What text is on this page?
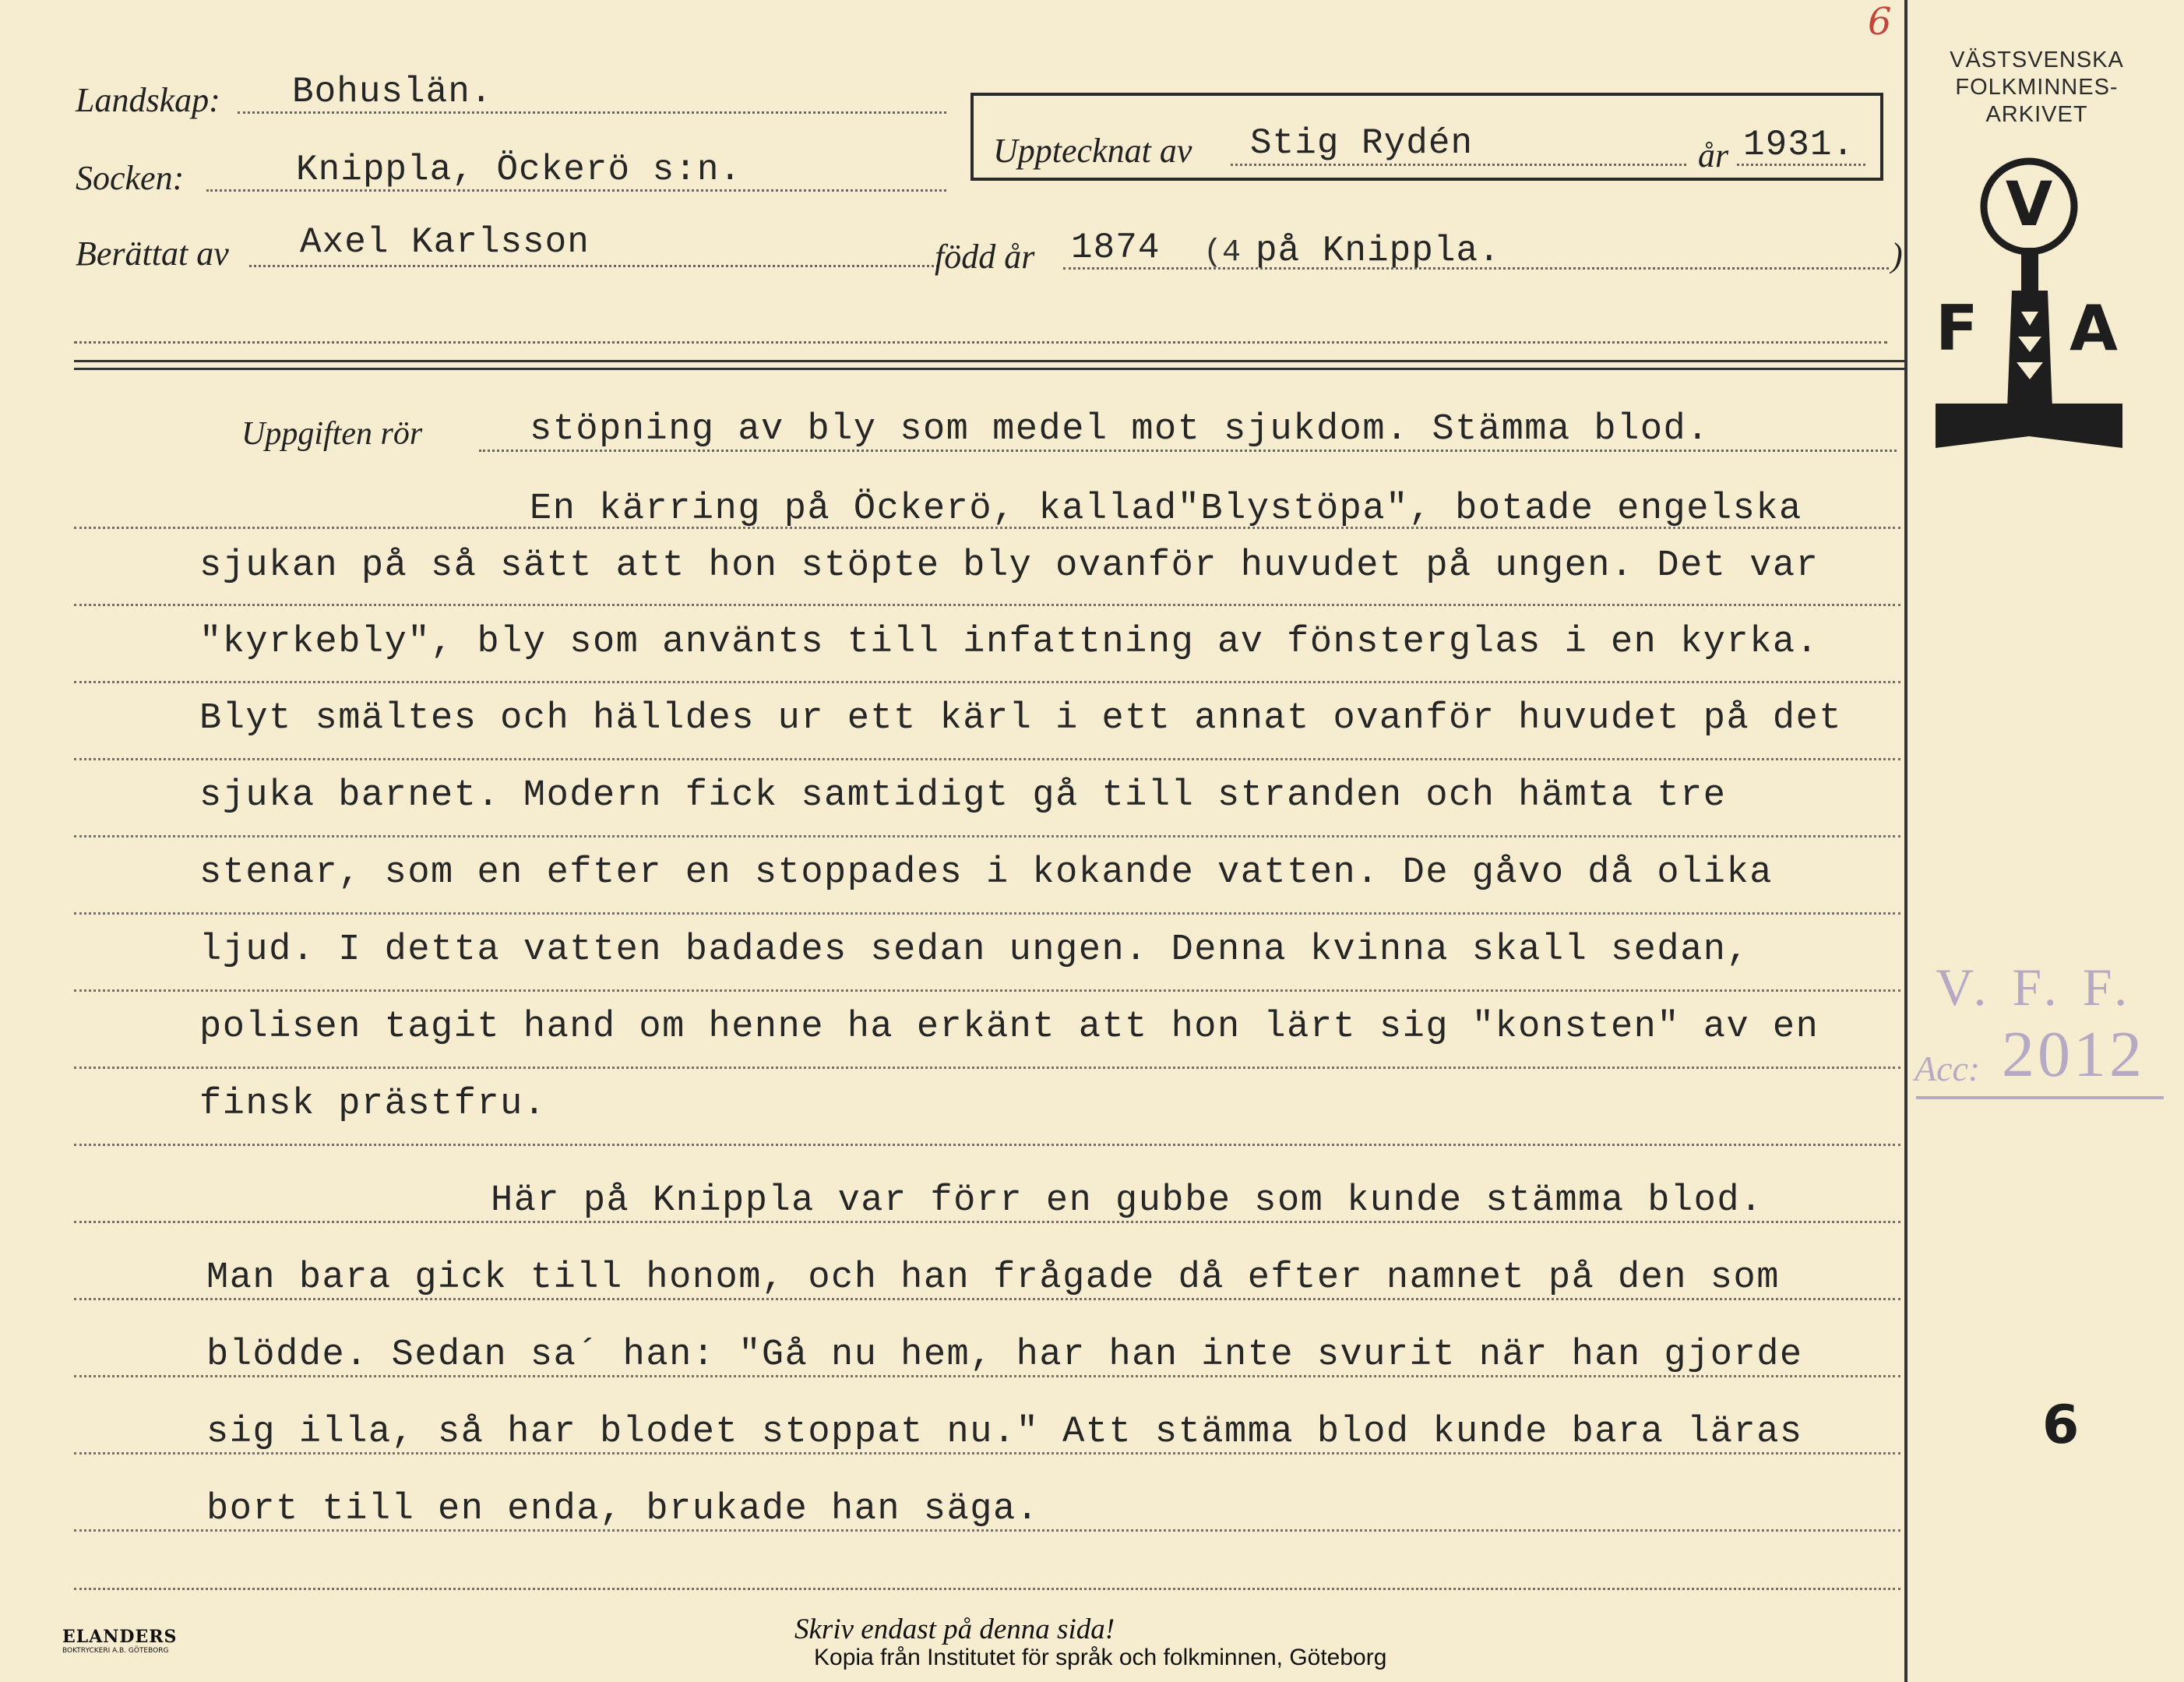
6
Landskap: Bohuslän.
Socken:	Knippla, Öckerö s:n.	Upptecknat av Stig Rydén	år 1931.
Berättat av Axel Karlsson	född år 1874 (4 på Knippla.	)
Uppgiften rör	stöpning av bly som medel mot sjukdom. Stämma blod.
En kärring på Öckerö, kallad"Blystöpa", botade engelska
sjukan på så sätt att hon stöpte bly ovanför huvudet på ungen. Det var
"kyrkebly", bly som använts till infattning av fönsterglas i en kyrka.
Blyt smältes och hälldes ur ett kärl i ett annat ovanför huvudet på det
sjuka barnet. Modern fick samtidigt gå till stranden och hämta tre
stenar, som en efter en stoppades i kokande vatten. De gåvo då olika
ljud. I detta vatten badades sedan ungen. Denna kvinna skall sedan,
polisen tagit hand om henne ha erkänt att hon lärt sig "konsten" av en
finsk prästfru.
Här på Knippla var förr en gubbe som kunde stämma blod.
Man bara gick till honom, och han frågade då efter namnet på den som
blödde. Sedan sa´ han: "Gå nu hem, har han inte svurit när han gjorde
sig illa, så har blodet stoppat nu." Att stämma blod kunde bara läras
bort till en enda, brukade han säga.
VÄSTSVENSKA
FOLKMINNES-
ARKIVET
V
F A
V. F. F.
Acc: 2012
6
ELANDERS
BOKTRYCKERI A.B. GÖTEBORG
Skriv endast på denna sida!
Kopia från Institutet för språk och folkminnen, Göteborg
